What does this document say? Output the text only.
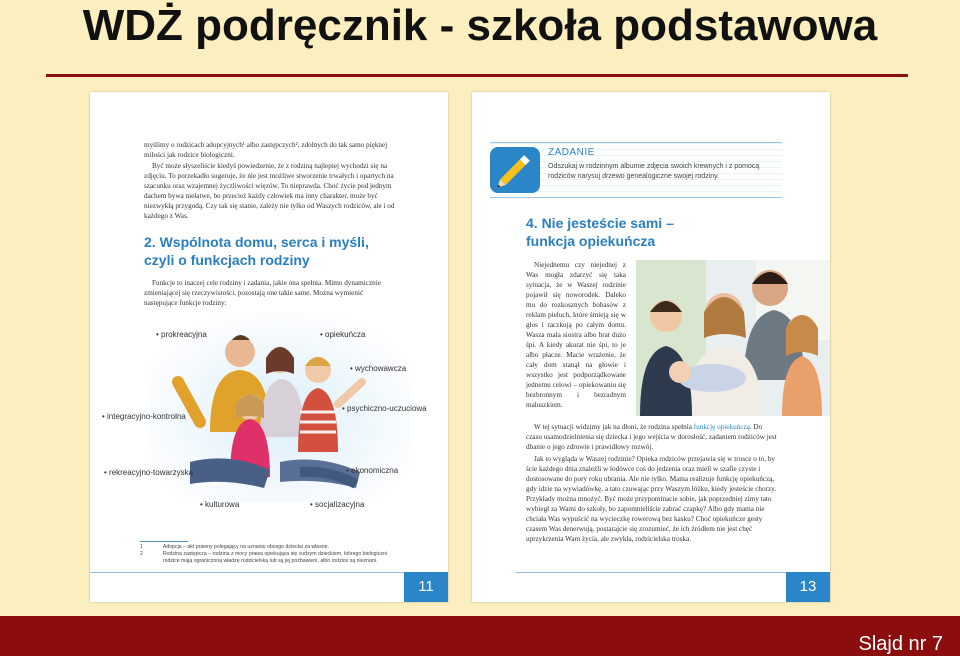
WDŻ podręcznik - szkoła podstawowa

myślimy o rodzicach adopcyjnych¹ albo zastępczych², zdolnych do tak samo pięknej miłości jak rodzice biologiczni.

Być może słyszeliście kiedyś powiedzenie, że z rodziną najlepiej wychodzi się na zdjęciu. To porzekadło sugeruje, że nie jest możliwe stworzenie trwałych i opartych na szacunku oraz wzajemnej życzliwości więzów. To nieprawda. Choć życie pod jednym dachem bywa niełatwe, bo przecież każdy człowiek ma inny charakter, może być niezwykłą przygodą. Czy tak się stanie, zależy nie tylko od Waszych rodziców, ale i od każdego z Was.

2. Wspólnota domu, serca i myśli, czyli o funkcjach rodziny

Funkcje to inaczej cele rodziny i zadania, jakie ona spełnia. Mimo dynamicznie zmieniającej się rzeczywistości, pozostają one takie same. Można wymienić następujące funkcje rodziny:

• prokreacyjna	• opiekuńcza
• wychowawcza
• integracyjno-kontrolna
• psychiczno-uczuciowa
• rekreacyjno-towarzyska	• ekonomiczna
• kulturowa	• socjalizacyjna
1	Adopcja – akt prawny polegający na uznaniu obcego dziecka za własne.
2	Rodzina zastępcza – rodzina z mocy prawa opiekująca się cudzym dzieckiem, którego biologiczni rodzice mają ograniczoną władzę rodzicielską lub są jej pozbawieni, albo rodzice są nieznani.
11
ZADANIE
Odszukaj w rodzinnym albumie zdjęcia swoich krewnych i z pomocą rodziców narysuj drzewo genealogiczne swojej rodziny.
4. Nie jesteście sami – funkcja opiekuńcza

Niejednemu czy niejednej z Was mogła zdarzyć się taka sytuacja, że w Waszej rodzinie pojawił się noworodek. Daleko mu do rozkosznych bobasów z reklam pieluch, które śmieją się w głos i raczkują po całym domu. Wasza mała siostra albo brat dużo śpi. A kiedy akurat nie śpi, to je albo płacze. Macie wrażenie, że cały dom stanął na głowie i wszystko jest podporządkowane jednemu celowi – opiekowaniu się bezbronnym i bezradnym maluszkiem.

W tej sytuacji widzimy jak na dłoni, że rodzina spełnia funkcję opiekuńczą. Do czasu usamodzielnienia się dziecka i jego wejścia w dorosłość, zadaniem rodziców jest dbanie o jego zdrowie i prawidłowy rozwój.

Jak to wygląda w Waszej rodzinie? Opieka rodziców przejawia się w trosce o to, by ście każdego dnia znaleźli w lodówce coś do jedzenia oraz mieli w szafie czyste i dostosowane do pory roku ubrania. Ale nie tylko. Mama realizuje funkcję opiekuńczą, gdy idzie na wywiadówkę, a tato czuwając przy Waszym łóżku, kiedy jesteście chorzy. Przykłady można mnożyć. Być może przypominacie sobie, jak poprzedniej zimy tato wybiegł za Wami do szkoły, bo zapomnieliście zabrać czapkę? Albo gdy mama nie chciała Was wypuścić na wycieczkę rowerową bez kasku? Choć opiekuńcze gesty czasem Was denerwują, postarajcie się zrozumieć, że ich źródłem nie jest chęć uprzykrzenia Wam życia, ale zwykła, rodzicielska troska.

13
Slajd nr 7
